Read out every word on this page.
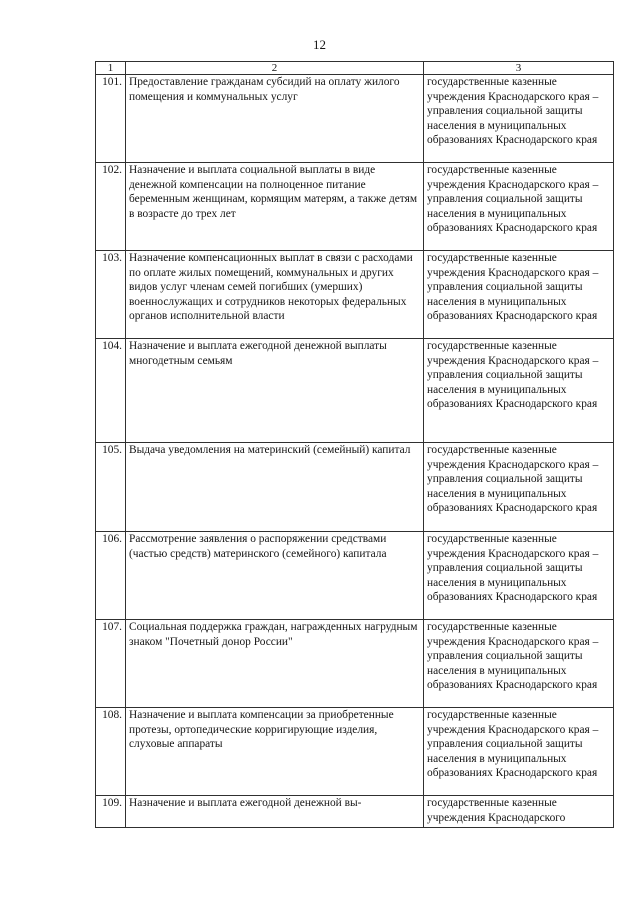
12
1	2	3
101.	Предоставление гражданам субсидий на оплату жилого помещения и коммунальных услуг	государственные казенные учреждения Краснодарского края – управления социальной защиты населения в муниципальных образованиях Краснодарского края
102.	Назначение и выплата социальной выплаты в виде денежной компенсации на полноценное питание беременным женщинам, кормящим матерям, а также детям в возрасте до трех лет	государственные казенные учреждения Краснодарского края – управления социальной защиты населения в муниципальных образованиях Краснодарского края
103.	Назначение компенсационных выплат в связи с расходами по оплате жилых помещений, коммунальных и других видов услуг членам семей погибших (умерших) военнослужащих и сотрудников некоторых федеральных органов исполнительной власти	государственные казенные учреждения Краснодарского края – управления социальной защиты населения в муниципальных образованиях Краснодарского края
104.	Назначение и выплата ежегодной денежной выплаты многодетным семьям	государственные казенные учреждения Краснодарского края – управления социальной защиты населения в муниципальных образованиях Краснодарского края
105.	Выдача уведомления на материнский (семейный) капитал	государственные казенные учреждения Краснодарского края – управления социальной защиты населения в муниципальных образованиях Краснодарского края
106.	Рассмотрение заявления о распоряжении средствами (частью средств) материнского (семейного) капитала	государственные казенные учреждения Краснодарского края – управления социальной защиты населения в муниципальных образованиях Краснодарского края
107.	Социальная поддержка граждан, награжденных нагрудным знаком "Почетный донор России"	государственные казенные учреждения Краснодарского края – управления социальной защиты населения в муниципальных образованиях Краснодарского края
108.	Назначение и выплата компенсации за приобретенные протезы, ортопедические корригирующие изделия, слуховые аппараты	государственные казенные учреждения Краснодарского края – управления социальной защиты населения в муниципальных образованиях Краснодарского края
109.	Назначение и выплата ежегодной денежной вы-	государственные казенные учреждения Краснодарского
